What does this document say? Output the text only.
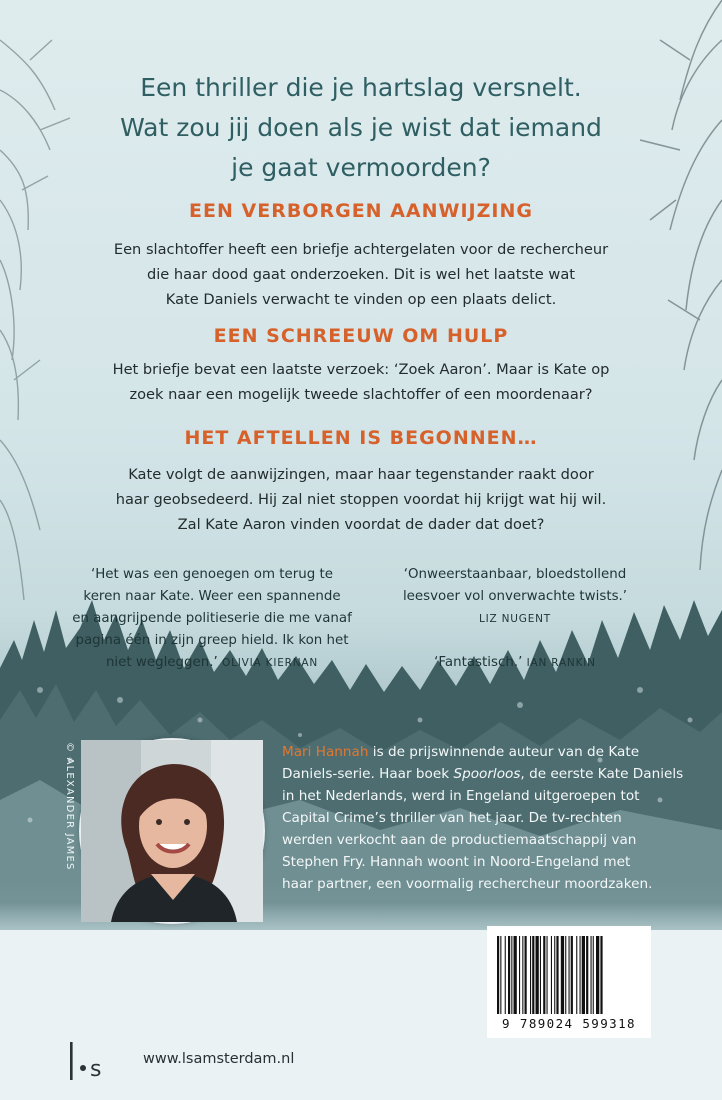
Een thriller die je hartslag versnelt.
Wat zou jij doen als je wist dat iemand
je gaat vermoorden?
EEN VERBORGEN AANWIJZING
Een slachtoffer heeft een briefje achtergelaten voor de rechercheur
die haar dood gaat onderzoeken. Dit is wel het laatste wat
Kate Daniels verwacht te vinden op een plaats delict.
EEN SCHREEUW OM HULP
Het briefje bevat een laatste verzoek: ‘Zoek Aaron’. Maar is Kate op
zoek naar een mogelijk tweede slachtoffer of een moordenaar?
HET AFTELLEN IS BEGONNEN…
Kate volgt de aanwijzingen, maar haar tegenstander raakt door
haar geobsedeerd. Hij zal niet stoppen voordat hij krijgt wat hij wil.
Zal Kate Aaron vinden voordat de dader dat doet?
‘Het was een genoegen om terug te
keren naar Kate. Weer een spannende
en aangrijpende politieserie die me vanaf
pagina één in zijn greep hield. Ik kon het
niet wegleggen.’ OLIVIA KIERNAN
‘Onweerstaanbaar, bloedstollend
leesvoer vol onverwachte twists.’
LIZ NUGENT
‘Fantastisch.’ IAN RANKIN
© ALEXANDER JAMES	Mari Hannah is de prijswinnende auteur van de Kate
Daniels-serie. Haar boek Spoorloos, de eerste Kate Daniels
in het Nederlands, werd in Engeland uitgeroepen tot
Capital Crime’s thriller van het jaar. De tv-rechten
werden verkocht aan de productiemaatschappij van
Stephen Fry. Hannah woont in Noord-Engeland met
haar partner, een voormalig rechercheur moordzaken.
9 789024 599318
s	www.lsamsterdam.nl
